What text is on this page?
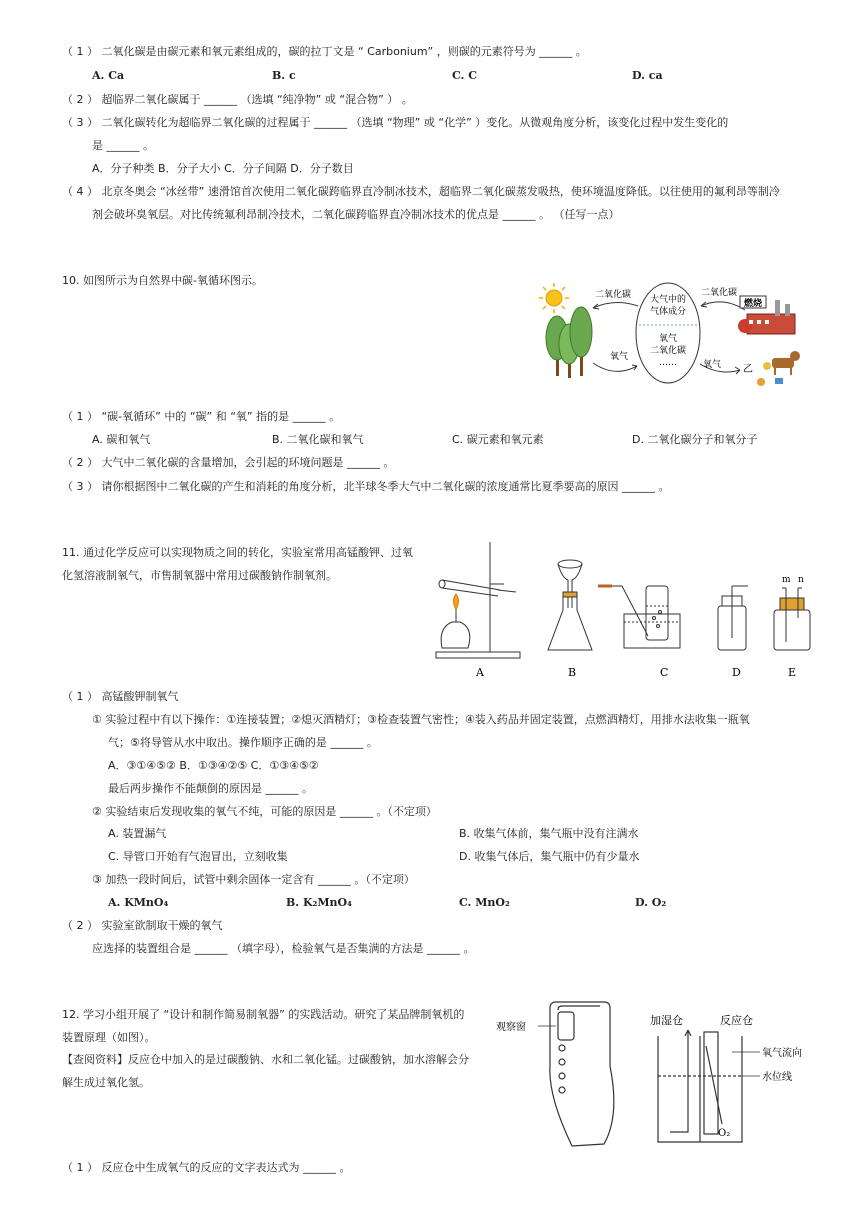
（ 1 ） 二氧化碳是由碳元素和氧元素组成的，碳的拉丁文是 “ Carbonium” ，则碳的元素符号为 ______ 。
A. Ca	B. c	C. C	D. ca
（ 2 ） 超临界二氧化碳属于 ______ （选填 “纯净物” 或 “混合物” ） 。
（ 3 ） 二氧化碳转化为超临界二氧化碳的过程属于 ______ （选填 “物理” 或 “化学” ）变化。从微观角度分析，该变化过程中发生变化的
是 ______ 。
A．分子种类 B．分子大小 C．分子间隔 D．分子数目
（ 4 ） 北京冬奥会 “冰丝带” 速滑馆首次使用二氧化碳跨临界直冷制冰技术，超临界二氧化碳蒸发吸热，使环境温度降低。以往使用的氟利昂等制冷
剂会破坏臭氧层。对比传统氟利昂制冷技术，二氧化碳跨临界直冷制冰技术的优点是 ______ 。 （任写一点）
10. 如图所示为自然界中碳-氧循环图示。
大气中的
气体成分
氧气
二氧化碳
……
二氧化碳
氧气
二氧化碳
氧气
燃烧
乙
（ 1 ） “碳-氧循环” 中的 “碳” 和 “氧” 指的是 ______ 。
A. 碳和氧气	B. 二氧化碳和氧气	C. 碳元素和氧元素	D. 二氧化碳分子和氧分子
（ 2 ） 大气中二氧化碳的含量增加，会引起的环境问题是 ______ 。
（ 3 ） 请你根据图中二氧化碳的产生和消耗的角度分析，北半球冬季大气中二氧化碳的浓度通常比夏季要高的原因 ______ 。
11. 通过化学反应可以实现物质之间的转化，实验室常用高锰酸钾、过氧
化氢溶液制氧气，市售制氧器中常用过碳酸钠作制氧剂。	m n
A	B	C	D	E
（ 1 ） 高锰酸钾制氧气
① 实验过程中有以下操作：①连接装置；②熄灭酒精灯；③检查装置气密性；④装入药品并固定装置，点燃酒精灯，用排水法收集一瓶氧
气；⑤将导管从水中取出。操作顺序正确的是 ______ 。
A．③①④⑤② B．①③④②⑤ C．①③④⑤②
最后两步操作不能颠倒的原因是 ______ 。
② 实验结束后发现收集的氧气不纯，可能的原因是 ______ 。（不定项）
A. 装置漏气	B. 收集气体前，集气瓶中没有注满水
C. 导管口开始有气泡冒出，立刻收集	D. 收集气体后，集气瓶中仍有少量水
③ 加热一段时间后，试管中剩余固体一定含有 ______ 。（不定项）
A. KMnO₄	B. K₂MnO₄	C. MnO₂	D. O₂
（ 2 ） 实验室欲制取干燥的氧气
应选择的装置组合是 ______ （填字母），检验氧气是否集满的方法是 ______ 。
12. 学习小组开展了 “设计和制作简易制氧器” 的实践活动。研究了某品牌制氧机的
装置原理（如图）。
【查阅资料】反应仓中加入的是过碳酸钠、水和二氧化锰。过碳酸钠，加水溶解会分
解生成过氧化氢。
观察窗
加湿仓	反应仓
氧气流向
水位线
O₂
（ 1 ） 反应仓中生成氧气的反应的文字表达式为 ______ 。
